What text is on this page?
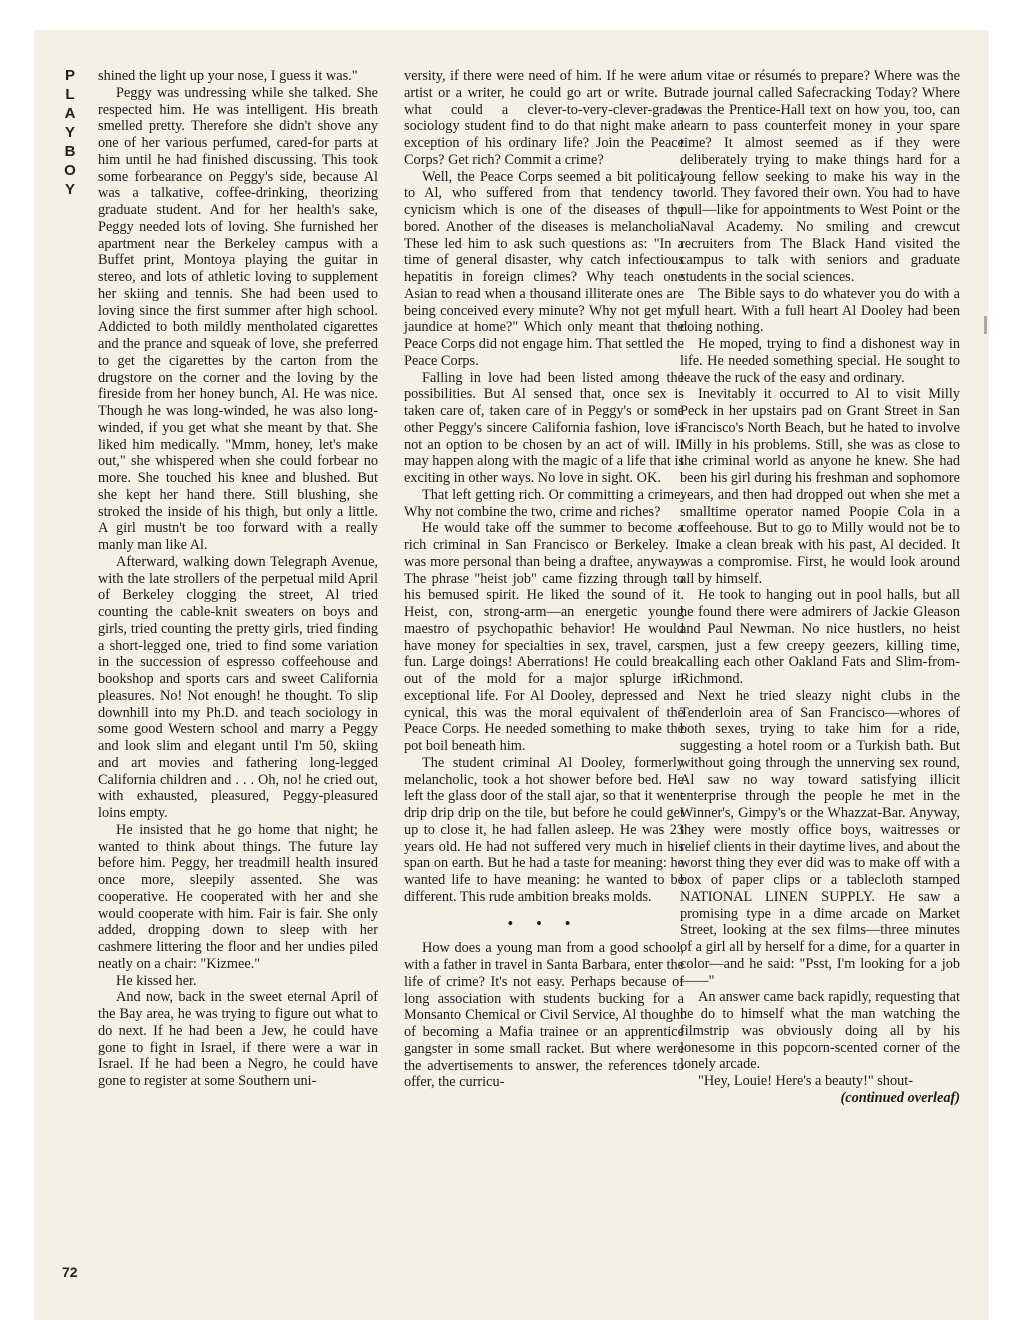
P
L
A
Y
B
O
Y

shined the light up your nose, I guess it was."

Peggy was undressing while she talked. She respected him. He was intelligent. His breath smelled pretty. Therefore she didn't shove any one of her various perfumed, cared-for parts at him until he had finished discussing. This took some forbearance on Peggy's side, because Al was a talkative, coffee-drinking, theorizing graduate student. And for her health's sake, Peggy needed lots of loving. She furnished her apartment near the Berkeley campus with a Buffet print, Montoya playing the guitar in stereo, and lots of athletic loving to supplement her skiing and tennis. She had been used to loving since the first summer after high school. Addicted to both mildly mentholated cigarettes and the prance and squeak of love, she preferred to get the cigarettes by the carton from the drugstore on the corner and the loving by the fireside from her honey bunch, Al. He was nice. Though he was long-winded, he was also long-winded, if you get what she meant by that. She liked him medically. "Mmm, honey, let's make out," she whispered when she could forbear no more. She touched his knee and blushed. But she kept her hand there. Still blushing, she stroked the inside of his thigh, but only a little. A girl mustn't be too forward with a really manly man like Al.

Afterward, walking down Telegraph Avenue, with the late strollers of the perpetual mild April of Berkeley clogging the street, Al tried counting the cable-knit sweaters on boys and girls, tried counting the pretty girls, tried finding a short-legged one, tried to find some variation in the succession of espresso coffeehouse and bookshop and sports cars and sweet California pleasures. No! Not enough! he thought. To slip downhill into my Ph.D. and teach sociology in some good Western school and marry a Peggy and look slim and elegant until I'm 50, skiing and art movies and fathering long-legged California children and . . . Oh, no! he cried out, with exhausted, pleasured, Peggy-pleasured loins empty.

He insisted that he go home that night; he wanted to think about things. The future lay before him. Peggy, her treadmill health insured once more, sleepily assented. She was cooperative. He cooperated with her and she would cooperate with him. Fair is fair. She only added, dropping down to sleep with her cashmere littering the floor and her undies piled neatly on a chair: "Kizmee."

He kissed her.

And now, back in the sweet eternal April of the Bay area, he was trying to figure out what to do next. If he had been a Jew, he could have gone to fight in Israel, if there were a war in Israel. If he had been a Negro, he could have gone to register at some Southern uni-

versity, if there were need of him. If he were an artist or a writer, he could go art or write. But what could a clever-to-very-clever-grade sociology student find to do that night make an exception of his ordinary life? Join the Peace Corps? Get rich? Commit a crime?

Well, the Peace Corps seemed a bit political to Al, who suffered from that tendency to cynicism which is one of the diseases of the bored. Another of the diseases is melancholia. These led him to ask such questions as: "In a time of general disaster, why catch infectious hepatitis in foreign climes? Why teach one Asian to read when a thousand illiterate ones are being conceived every minute? Why not get my jaundice at home?" Which only meant that the Peace Corps did not engage him. That settled the Peace Corps.

Falling in love had been listed among the possibilities. But Al sensed that, once sex is taken care of, taken care of in Peggy's or some other Peggy's sincere California fashion, love is not an option to be chosen by an act of will. It may happen along with the magic of a life that is exciting in other ways. No love in sight. OK.

That left getting rich. Or committing a crime. Why not combine the two, crime and riches?

He would take off the summer to become a rich criminal in San Francisco or Berkeley. It was more personal than being a draftee, anyway. The phrase "heist job" came fizzing through to his bemused spirit. He liked the sound of it. Heist, con, strong-arm—an energetic young maestro of psychopathic behavior! He would have money for specialties in sex, travel, cars, fun. Large doings! Aberrations! He could break out of the mold for a major splurge in exceptional life. For Al Dooley, depressed and cynical, this was the moral equivalent of the Peace Corps. He needed something to make the pot boil beneath him.

The student criminal Al Dooley, formerly melancholic, took a hot shower before bed. He left the glass door of the stall ajar, so that it went drip drip drip on the tile, but before he could get up to close it, he had fallen asleep. He was 23 years old. He had not suffered very much in his span on earth. But he had a taste for meaning: he wanted life to have meaning: he wanted to be different. This rude ambition breaks molds.

• • •

How does a young man from a good school, with a father in travel in Santa Barbara, enter the life of crime? It's not easy. Perhaps because of long association with students bucking for a Monsanto Chemical or Civil Service, Al thought of becoming a Mafia trainee or an apprentice gangster in some small racket. But where were the advertisements to answer, the references to offer, the curricu-

lum vitae or résumés to prepare? Where was the trade journal called Safecracking Today? Where was the Prentice-Hall text on how you, too, can learn to pass counterfeit money in your spare time? It almost seemed as if they were deliberately trying to make things hard for a young fellow seeking to make his way in the world. They favored their own. You had to have pull—like for appointments to West Point or the Naval Academy. No smiling and crewcut recruiters from The Black Hand visited the campus to talk with seniors and graduate students in the social sciences.

The Bible says to do whatever you do with a full heart. With a full heart Al Dooley had been doing nothing.

He moped, trying to find a dishonest way in life. He needed something special. He sought to leave the ruck of the easy and ordinary.

Inevitably it occurred to Al to visit Milly Peck in her upstairs pad on Grant Street in San Francisco's North Beach, but he hated to involve Milly in his problems. Still, she was as close to the criminal world as anyone he knew. She had been his girl during his freshman and sophomore years, and then had dropped out when she met a smalltime operator named Poopie Cola in a coffeehouse. But to go to Milly would not be to make a clean break with his past, Al decided. It was a compromise. First, he would look around all by himself.

He took to hanging out in pool halls, but all he found there were admirers of Jackie Gleason and Paul Newman. No nice hustlers, no heist men, just a few creepy geezers, killing time, calling each other Oakland Fats and Slim-from-Richmond.

Next he tried sleazy night clubs in the Tenderloin area of San Francisco—whores of both sexes, trying to take him for a ride, suggesting a hotel room or a Turkish bath. But without going through the unnerving sex round, Al saw no way toward satisfying illicit enterprise through the people he met in the Winner's, Gimpy's or the Whazzat-Bar. Anyway, they were mostly office boys, waitresses or relief clients in their daytime lives, and about the worst thing they ever did was to make off with a box of paper clips or a tablecloth stamped NATIONAL LINEN SUPPLY. He saw a promising type in a dime arcade on Market Street, looking at the sex films—three minutes of a girl all by herself for a dime, for a quarter in color—and he said: "Psst, I'm looking for a job——"

An answer came back rapidly, requesting that he do to himself what the man watching the filmstrip was obviously doing all by his lonesome in this popcorn-scented corner of the lonely arcade.

"Hey, Louie! Here's a beauty!" shout-

(continued overleaf)

72
